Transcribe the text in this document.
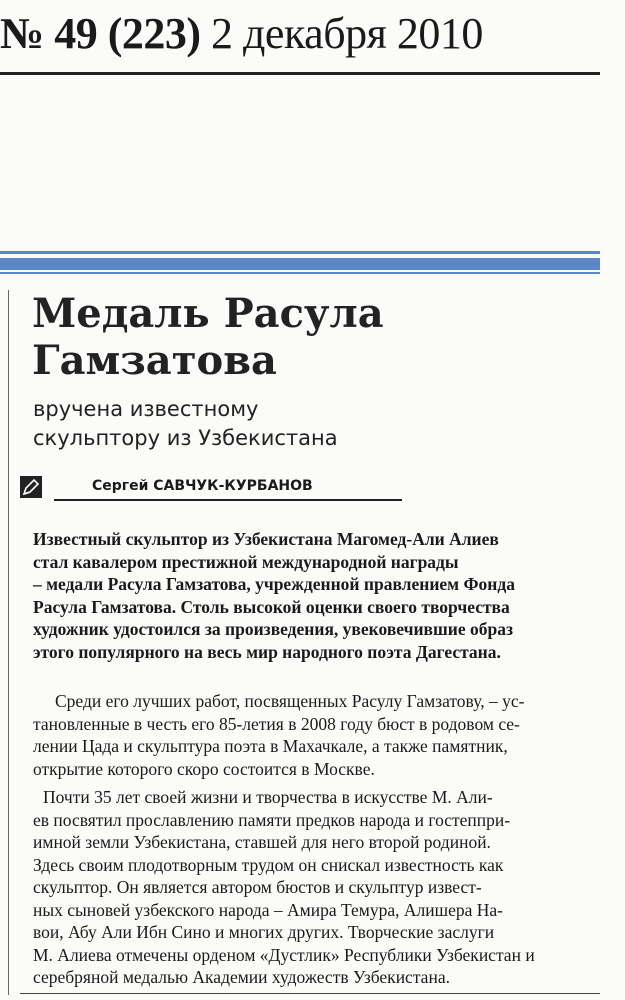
№ 49 (223) 2 декабря 2010
Медаль Расула
Гамзатова
вручена известному
скульптору из Узбекистана
Сергей САВЧУК-КУРБАНОВ
Известный скульптор из Узбекистана Магомед-Али Алиев
стал кавалером престижной международной награды
– медали Расула Гамзатова, учрежденной правлением Фонда
Расула Гамзатова. Столь высокой оценки своего творчества
художник удостоился за произведения, увековечившие образ
этого популярного на весь мир народного поэта Дагестана.
Среди его лучших работ, посвященных Расулу Гамзатову, – ус-
тановленные в честь его 85-летия в 2008 году бюст в родовом се-
лении Цада и скульптура поэта в Махачкале, а также памятник,
открытие которого скоро состоится в Москве.
Почти 35 лет своей жизни и творчества в искусстве М. Али-
ев посвятил прославлению памяти предков народа и гостеппри-
имной земли Узбекистана, ставшей для него второй родиной.
Здесь своим плодотворным трудом он снискал известность как
скульптор. Он является автором бюстов и скульптур извест-
ных сыновей узбекского народа – Амира Темура, Алишера На-
вои, Абу Али Ибн Сино и многих других. Творческие заслуги
М. Алиева отмечены орденом «Дустлик» Республики Узбекистан и
серебряной медалью Академии художеств Узбекистана.
